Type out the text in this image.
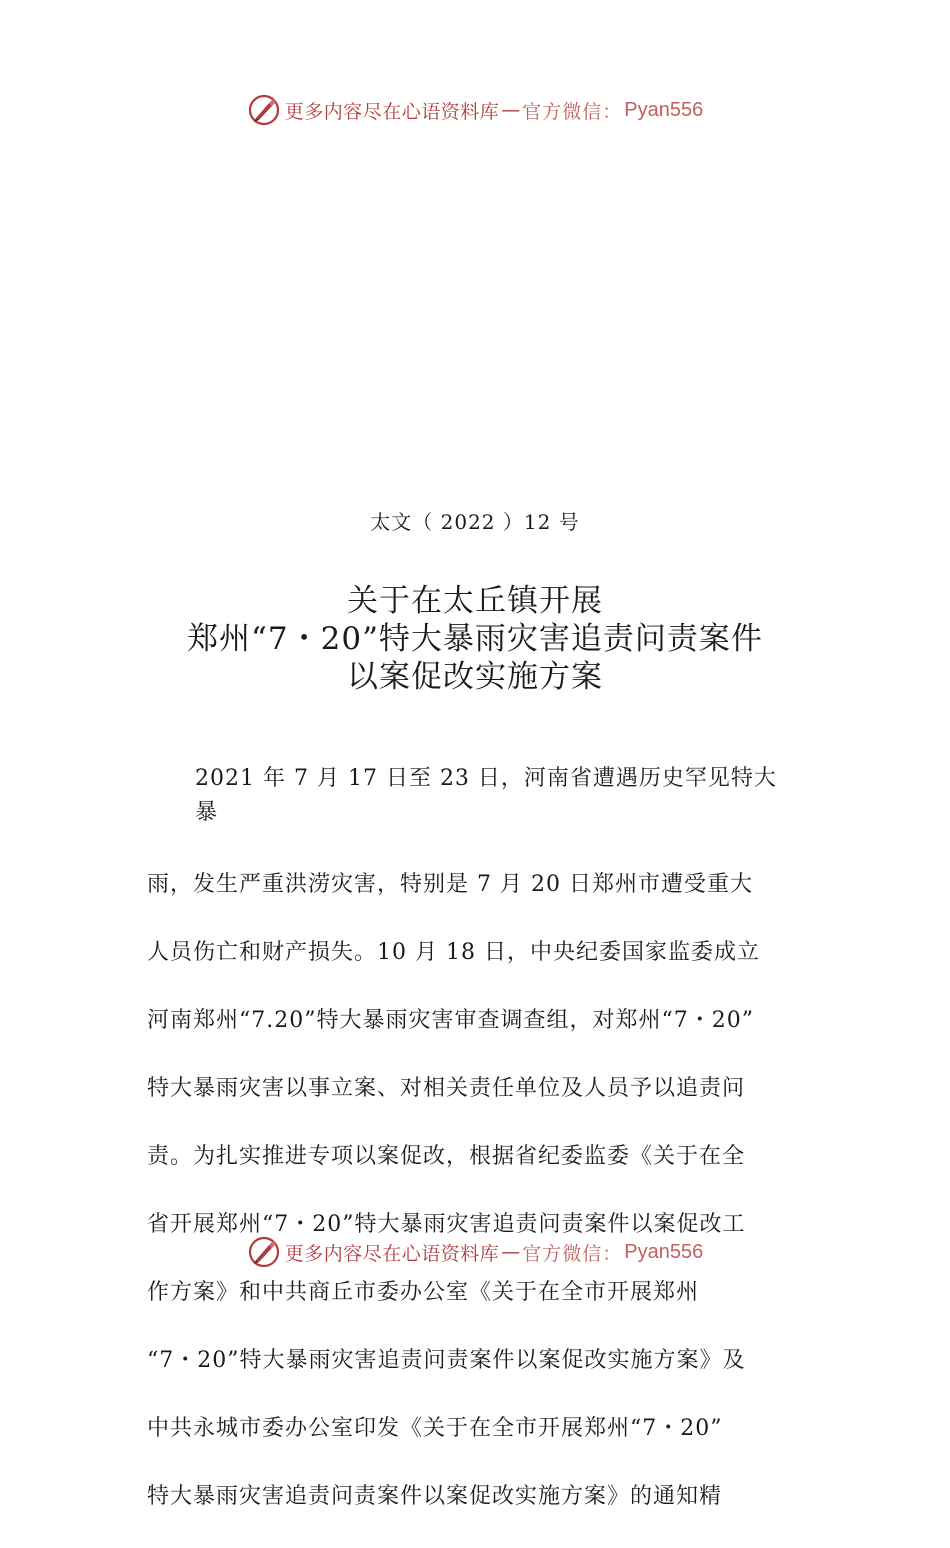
更多内容尽在心语资料库 — 官方微信： Pyan556
太文（ 2022 ）12 号
关于在太丘镇开展
郑州“7・20”特大暴雨灾害追责问责案件
以案促改实施方案
2021 年 7 月 17 日至 23 日，河南省遭遇历史罕见特大
暴

雨，发生严重洪涝灾害，特别是 7 月 20 日郑州市遭受重大

人员伤亡和财产损失。10 月 18 日，中央纪委国家监委成立

河南郑州“7.20”特大暴雨灾害审查调查组，对郑州“7・20”

特大暴雨灾害以事立案、对相关责任单位及人员予以追责问

责。为扎实推进专项以案促改，根据省纪委监委《关于在全

省开展郑州“7・20”特大暴雨灾害追责问责案件以案促改工

作方案》和中共商丘市委办公室《关于在全市开展郑州

“7・20”特大暴雨灾害追责问责案件以案促改实施方案》及

中共永城市委办公室印发《关于在全市开展郑州“7・20”

特大暴雨灾害追责问责案件以案促改实施方案》的通知精

更多内容尽在心语资料库 — 官方微信： Pyan556
